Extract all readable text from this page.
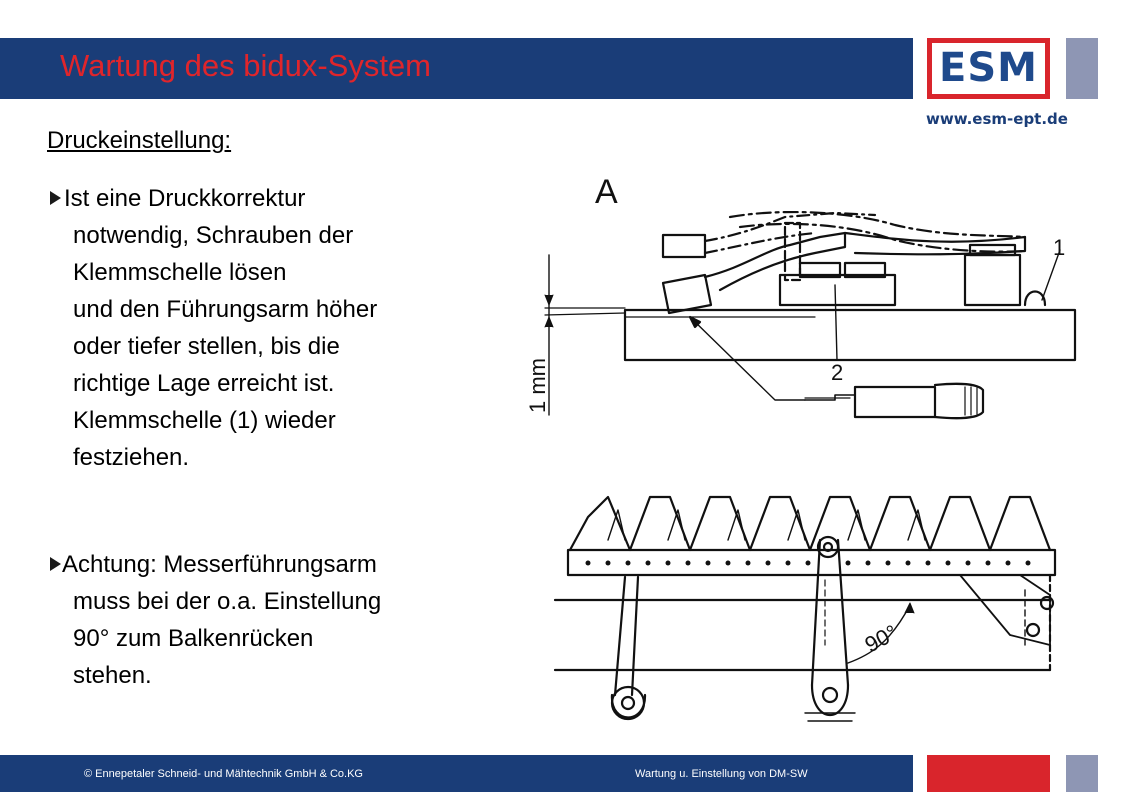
Wartung des bidux-System	ESM
www.esm-ept.de
Druckeinstellung:
Ist eine Druckkorrektur
notwendig, Schrauben der
Klemmschelle lösen
und den Führungsarm höher
oder tiefer stellen, bis die
richtige Lage erreicht ist.
Klemmschelle (1) wieder
festziehen.
Achtung: Messerführungsarm
muss bei der o.a. Einstellung
90° zum Balkenrücken
stehen.
A
1
2
1 mm
90°
© Ennepetaler Schneid- und Mähtechnik GmbH & Co.KG	Wartung u. Einstellung von DM-SW
